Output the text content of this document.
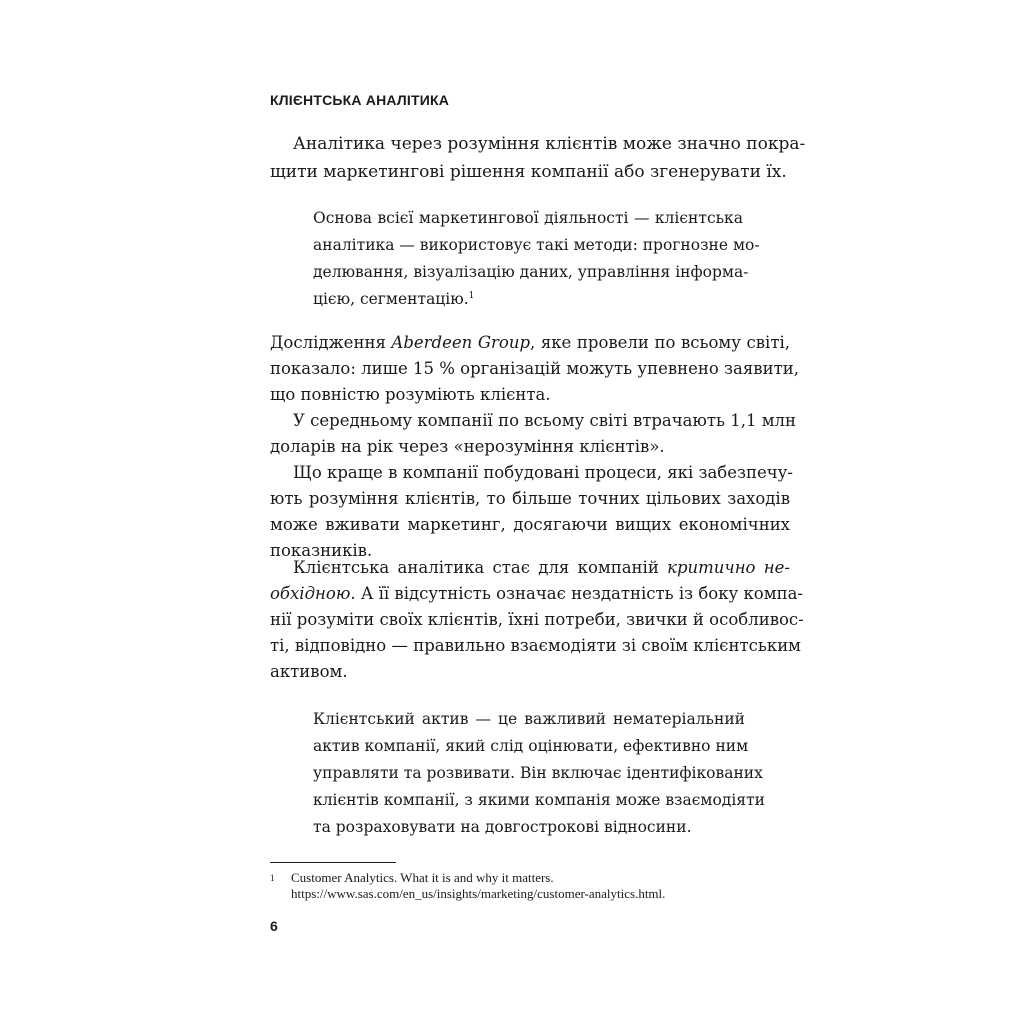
КЛІЄНТСЬКА АНАЛІТИКА

Аналітика через розуміння клієнтів може значно покра-
щити маркетингові рішення компанії або згенерувати їх.

Основа всієї маркетингової діяльності — клієнтська
аналітика — використовує такі методи: прогнозне мо-
делювання, візуалізацію даних, управління інформа-
цією, сегментацію.$^1$

Дослідження Aberdeen Group, яке провели по всьому світі,
показало: лише 15 % організацій можуть упевнено заявити,
що повністю розуміють клієнта.
У середньому компанії по всьому світі втрачають 1,1 млн
доларів на рік через «нерозуміння клієнтів».
Що краще в компанії побудовані процеси, які забезпечу-
ють розуміння клієнтів, то більше точних цільових заходів
може вживати маркетинг, досягаючи вищих економічних
показників.

Клієнтська аналітика стає для компаній критично не-
обхідною. А її відсутність означає нездатність із боку компа-
нії розуміти своїх клієнтів, їхні потреби, звички й особливос-
ті, відповідно — правильно взаємодіяти зі своїм клієнтським
активом.

Клієнтський актив — це важливий нематеріальний
актив компанії, який слід оцінювати, ефективно ним
управляти та розвивати. Він включає ідентифікованих
клієнтів компанії, з якими компанія може взаємодіяти
та розраховувати на довгострокові відносини.

1 Customer Analytics. What it is and why it matters.
https://www.sas.com/en_us/insights/marketing/customer-analytics.html.
6
